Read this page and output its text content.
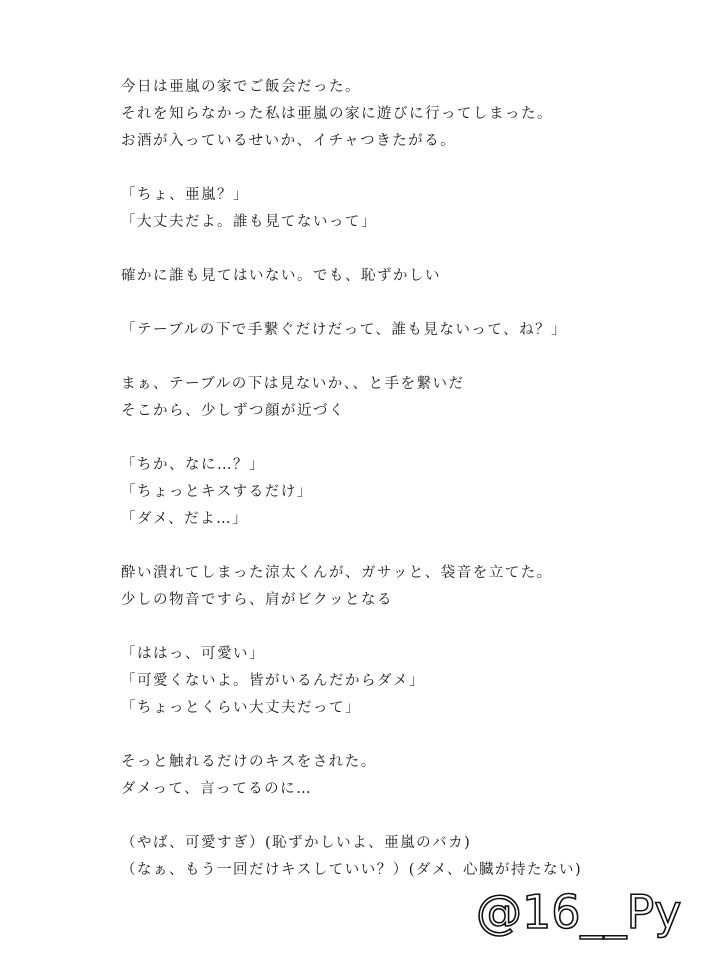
今日は亜嵐の家でご飯会だった。
それを知らなかった私は亜嵐の家に遊びに行ってしまった。
お酒が入っているせいか、イチャつきたがる。
「ちょ、亜嵐？」
「大丈夫だよ。誰も見てないって」
確かに誰も見てはいない。でも、恥ずかしい
「テーブルの下で手繋ぐだけだって、誰も見ないって、ね？」
まぁ、テーブルの下は見ないか、、と手を繋いだ
そこから、少しずつ顔が近づく
「ちか、なに…？」
「ちょっとキスするだけ」
「ダメ、だよ…」
酔い潰れてしまった涼太くんが、ガサッと、袋音を立てた。
少しの物音ですら、肩がビクッとなる
「ははっ、可愛い」
「可愛くないよ。皆がいるんだからダメ」
「ちょっとくらい大丈夫だって」
そっと触れるだけのキスをされた。
ダメって、言ってるのに…
（やば、可愛すぎ）(恥ずかしいよ、亜嵐のバカ)
（なぁ、もう一回だけキスしていい？）(ダメ、心臓が持たない)
@16__Py
